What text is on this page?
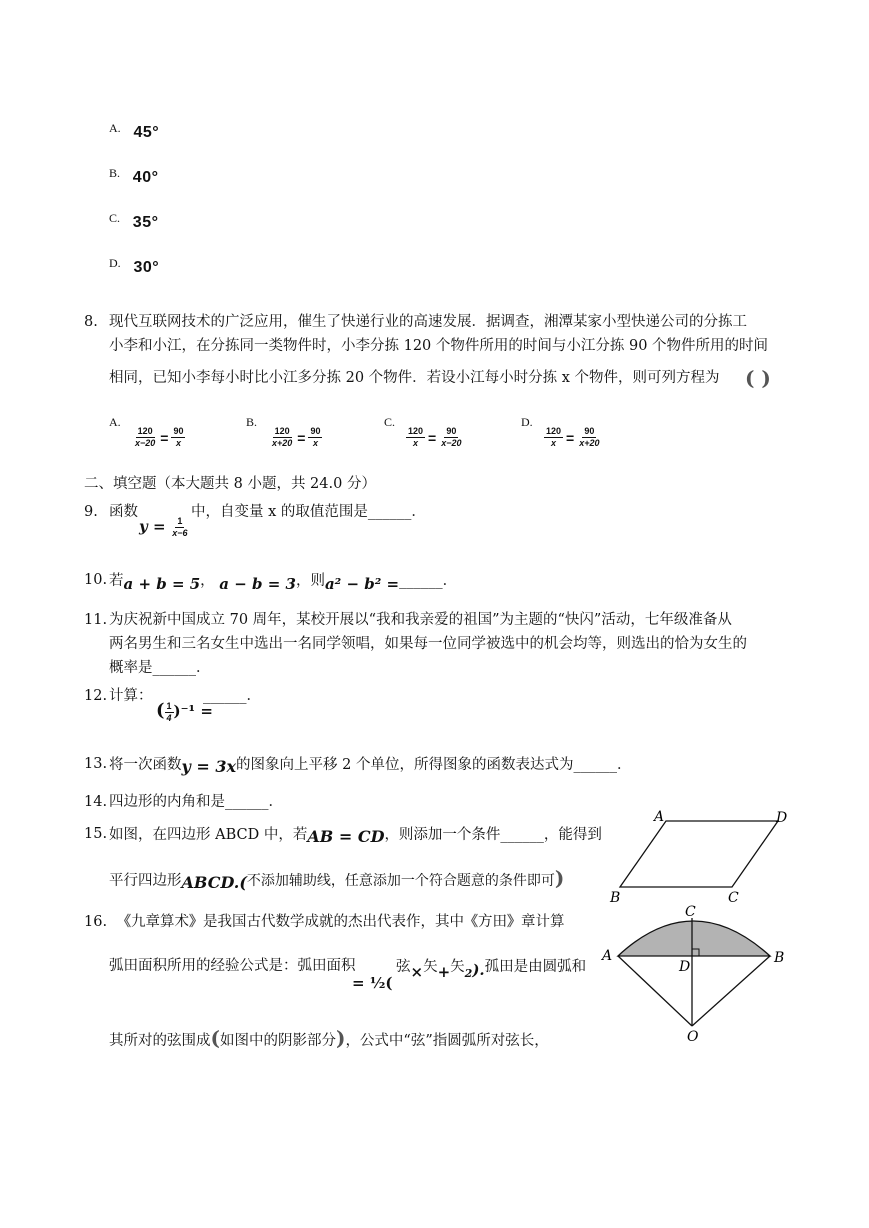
A. 45°
B. 40°
C. 35°
D. 30°
8. 现代互联网技术的广泛应用，催生了快递行业的高速发展．据调查，湘潭某家小型快递公司的分拣工
小李和小江，在分拣同一类物件时，小李分拣 120 个物件所用的时间与小江分拣 90 个物件所用的时间
相同，已知小李每小时比小江多分拣 20 个物件．若设小江每小时分拣 x 个物件，则可列方程为 ( )
A.
$\frac{120}{x-20} = \frac{90}{x}$
B.
$\frac{120}{x+20} = \frac{90}{x}$
C.
$\frac{120}{x} = \frac{90}{x-20}$
D.
$\frac{120}{x} = \frac{90}{x+20}$
二、填空题（本大题共 8 小题，共 24.0 分）
9. 函数
$y = \frac{1}{x-6}$
中，自变量 x 的取值范围是______．
10. 若a + b = 5， a − b = 3，则a² − b² =______．
11. 为庆祝新中国成立 70 周年，某校开展以“我和我亲爱的祖国”为主题的“快闪”活动，七年级准备从
两名男生和三名女生中选出一名同学领唱，如果每一位同学被选中的机会均等，则选出的恰为女生的
概率是______．
12. 计算：
( $\frac{1}{4} )^{-1}$ =
______．
13. 将一次函数y = 3x的图象向上平移 2 个单位，所得图象的函数表达式为______．
14. 四边形的内角和是______．
15. 如图，在四边形 ABCD 中，若AB = CD，则添加一个条件______，能得到
平行四边形ABCD.(不添加辅助线，任意添加一个符合题意的条件即可)
A	D
B	C
16. 《九章算术》是我国古代数学成就的杰出代表作，其中《方田》章计算
弧田面积所用的经验公式是：弧田面积
= ½(
弦×矢+矢$_2$).孤田是由圆弧和
其所对的弦围成(如图中的阴影部分)，公式中“弦”指圆弧所对弦长，
A	B
C
D
O
